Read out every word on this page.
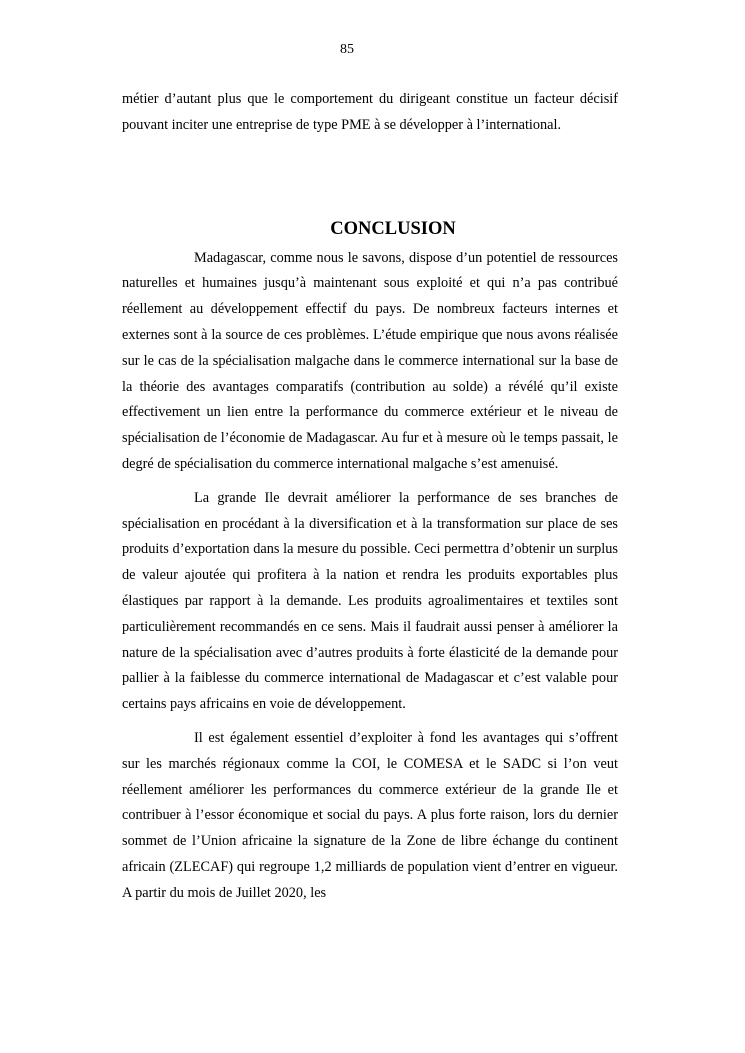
85

métier d’autant plus que le comportement du dirigeant constitue un facteur décisif pouvant inciter une entreprise de type PME à se développer à l’international.

CONCLUSION

Madagascar, comme nous le savons, dispose d’un potentiel de ressources naturelles et humaines jusqu’à maintenant sous exploité et qui n’a pas contribué réellement au développement effectif du pays. De nombreux facteurs internes et externes sont à la source de ces problèmes. L’étude empirique que nous avons réalisée sur le cas de la spécialisation malgache dans le commerce international sur la base de la théorie des avantages comparatifs (contribution au solde) a révélé qu’il existe effectivement un lien entre la performance du commerce extérieur et le niveau de spécialisation de l’économie de Madagascar. Au fur et à mesure où le temps passait, le degré de spécialisation du commerce international malgache s’est amenuisé.

La grande Ile devrait améliorer la performance de ses branches de spécialisation en procédant à la diversification et à la transformation sur place de ses produits d’exportation dans la mesure du possible. Ceci permettra d’obtenir un surplus de valeur ajoutée qui profitera à la nation et rendra les produits exportables plus élastiques par rapport à la demande. Les produits agroalimentaires et textiles sont particulièrement recommandés en ce sens. Mais il faudrait aussi penser à améliorer la nature de la spécialisation avec d’autres produits à forte élasticité de la demande pour pallier à la faiblesse du commerce international de Madagascar et c’est valable pour certains pays africains en voie de développement.

Il est également essentiel d’exploiter à fond les avantages qui s’offrent sur les marchés régionaux comme la COI, le COMESA et le SADC si l’on veut réellement améliorer les performances du commerce extérieur de la grande Ile et contribuer à l’essor économique et social du pays. A plus forte raison, lors du dernier sommet de l’Union africaine la signature de la Zone de libre échange du continent africain (ZLECAF) qui regroupe 1,2 milliards de population vient d’entrer en vigueur. A partir du mois de Juillet 2020, les
